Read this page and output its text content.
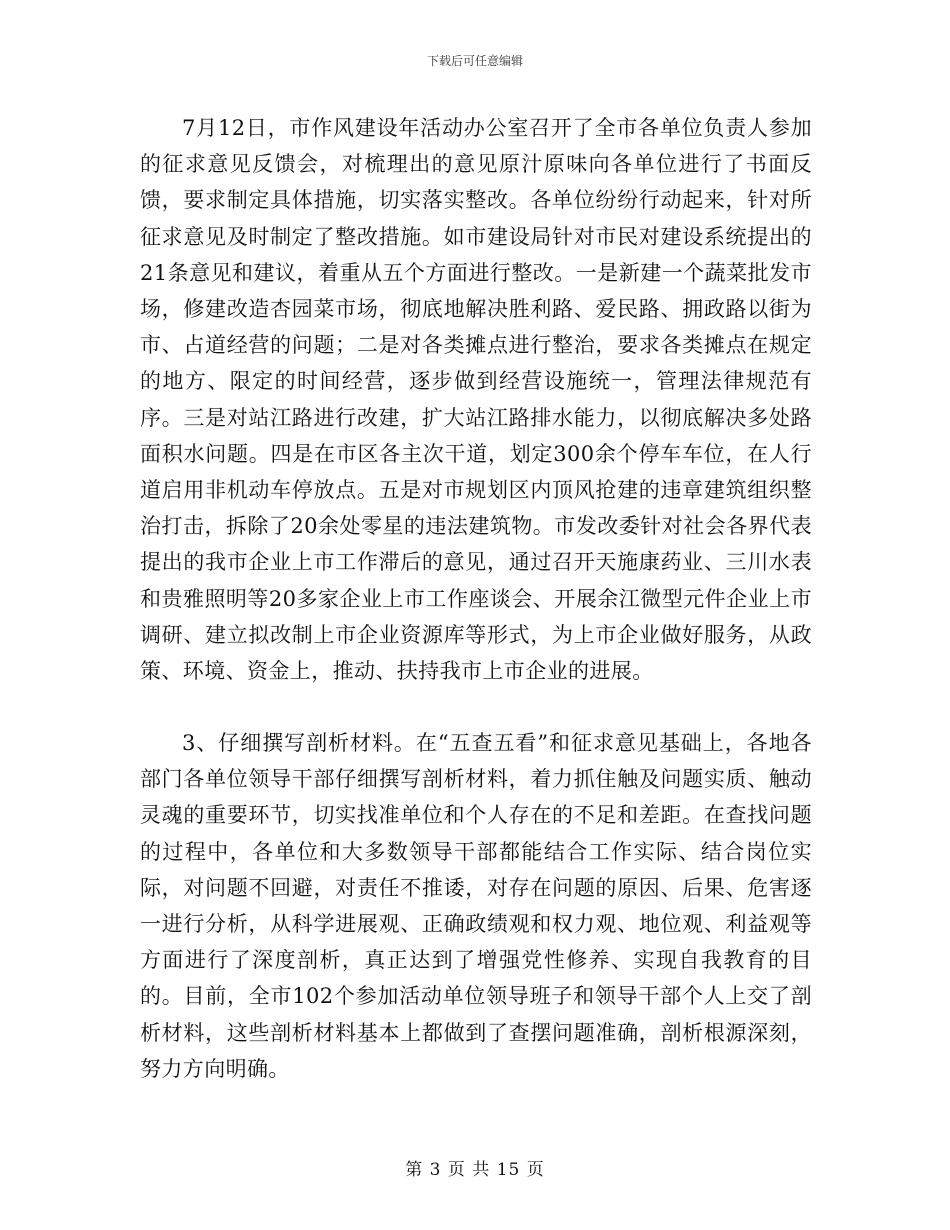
下载后可任意编辑

7月12日，市作风建设年活动办公室召开了全市各单位负责人参加的征求意见反馈会，对梳理出的意见原汁原味向各单位进行了书面反馈，要求制定具体措施，切实落实整改。各单位纷纷行动起来，针对所征求意见及时制定了整改措施。如市建设局针对市民对建设系统提出的21条意见和建议，着重从五个方面进行整改。一是新建一个蔬菜批发市场，修建改造杏园菜市场，彻底地解决胜利路、爱民路、拥政路以街为市、占道经营的问题；二是对各类摊点进行整治，要求各类摊点在规定的地方、限定的时间经营，逐步做到经营设施统一，管理法律规范有序。三是对站江路进行改建，扩大站江路排水能力，以彻底解决多处路面积水问题。四是在市区各主次干道，划定300余个停车车位，在人行道启用非机动车停放点。五是对市规划区内顶风抢建的违章建筑组织整治打击，拆除了20余处零星的违法建筑物。市发改委针对社会各界代表提出的我市企业上市工作滞后的意见，通过召开天施康药业、三川水表和贵雅照明等20多家企业上市工作座谈会、开展余江微型元件企业上市调研、建立拟改制上市企业资源库等形式，为上市企业做好服务，从政策、环境、资金上，推动、扶持我市上市企业的进展。

3、仔细撰写剖析材料。在“五查五看”和征求意见基础上，各地各部门各单位领导干部仔细撰写剖析材料，着力抓住触及问题实质、触动灵魂的重要环节，切实找准单位和个人存在的不足和差距。在查找问题的过程中，各单位和大多数领导干部都能结合工作实际、结合岗位实际，对问题不回避，对责任不推诿，对存在问题的原因、后果、危害逐一进行分析，从科学进展观、正确政绩观和权力观、地位观、利益观等方面进行了深度剖析，真正达到了增强党性修养、实现自我教育的目的。目前，全市102个参加活动单位领导班子和领导干部个人上交了剖析材料，这些剖析材料基本上都做到了查摆问题准确，剖析根源深刻，努力方向明确。

第 3 页 共 15 页
